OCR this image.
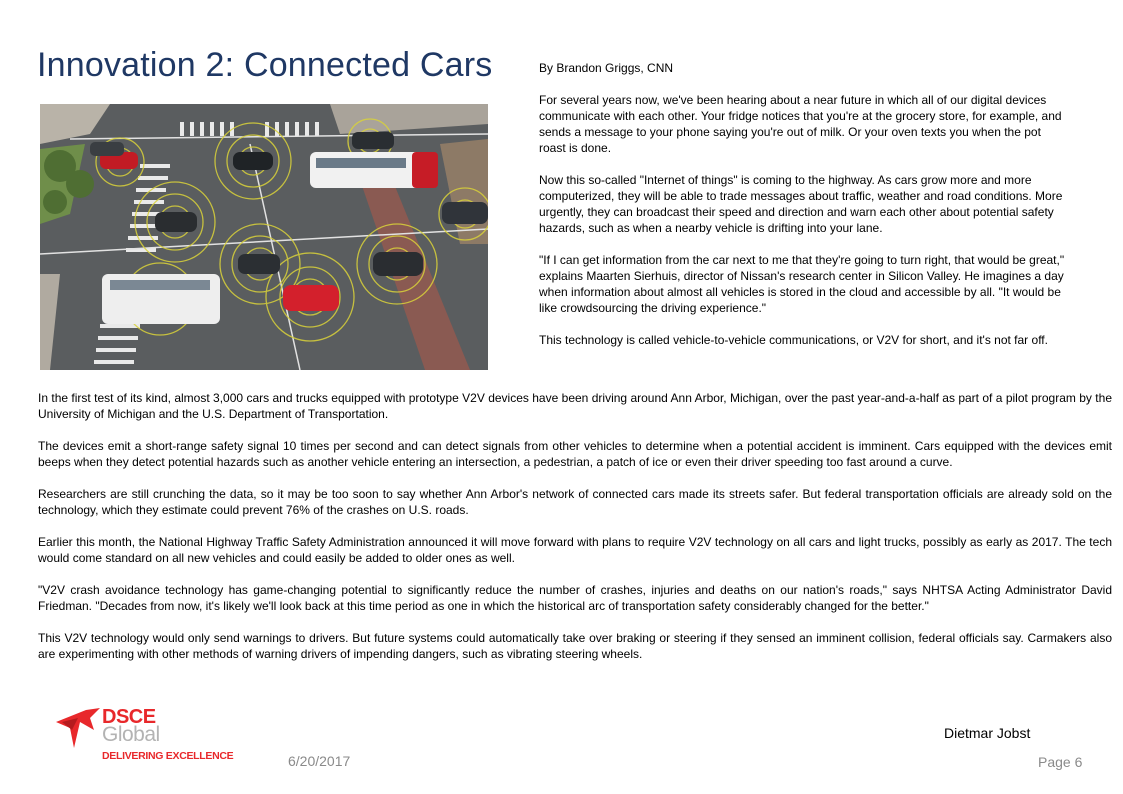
Innovation 2: Connected Cars	By Brandon Griggs, CNN

For several years now, we've been hearing about a near future in which all of our digital devices communicate with each other. Your fridge notices that you're at the grocery store, for example, and sends a message to your phone saying you're out of milk. Or your oven texts you when the pot roast is done.

Now this so-called "Internet of things" is coming to the highway. As cars grow more and more computerized, they will be able to trade messages about traffic, weather and road conditions. More urgently, they can broadcast their speed and direction and warn each other about potential safety hazards, such as when a nearby vehicle is drifting into your lane.

"If I can get information from the car next to me that they're going to turn right, that would be great," explains Maarten Sierhuis, director of Nissan's research center in Silicon Valley. He imagines a day when information about almost all vehicles is stored in the cloud and accessible by all. "It would be like crowdsourcing the driving experience."

This technology is called vehicle-to-vehicle communications, or V2V for short, and it's not far off.

In the first test of its kind, almost 3,000 cars and trucks equipped with prototype V2V devices have been driving around Ann Arbor, Michigan, over the past year-and-a-half as part of a pilot program by the University of Michigan and the U.S. Department of Transportation.

The devices emit a short-range safety signal 10 times per second and can detect signals from other vehicles to determine when a potential accident is imminent. Cars equipped with the devices emit beeps when they detect potential hazards such as another vehicle entering an intersection, a pedestrian, a patch of ice or even their driver speeding too fast around a curve.

Researchers are still crunching the data, so it may be too soon to say whether Ann Arbor's network of connected cars made its streets safer. But federal transportation officials are already sold on the technology, which they estimate could prevent 76% of the crashes on U.S. roads.

Earlier this month, the National Highway Traffic Safety Administration announced it will move forward with plans to require V2V technology on all cars and light trucks, possibly as early as 2017. The tech would come standard on all new vehicles and could easily be added to older ones as well.

"V2V crash avoidance technology has game-changing potential to significantly reduce the number of crashes, injuries and deaths on our nation's roads," says NHTSA Acting Administrator David Friedman. "Decades from now, it's likely we'll look back at this time period as one in which the historical arc of transportation safety considerably changed for the better."

This V2V technology would only send warnings to drivers. But future systems could automatically take over braking or steering if they sensed an imminent collision, federal officials say. Carmakers also are experimenting with other methods of warning drivers of impending dangers, such as vibrating steering wheels.

DSCE
Global
DELIVERING EXCELLENCE
Dietmar Jobst
6/20/2017	Page 6
